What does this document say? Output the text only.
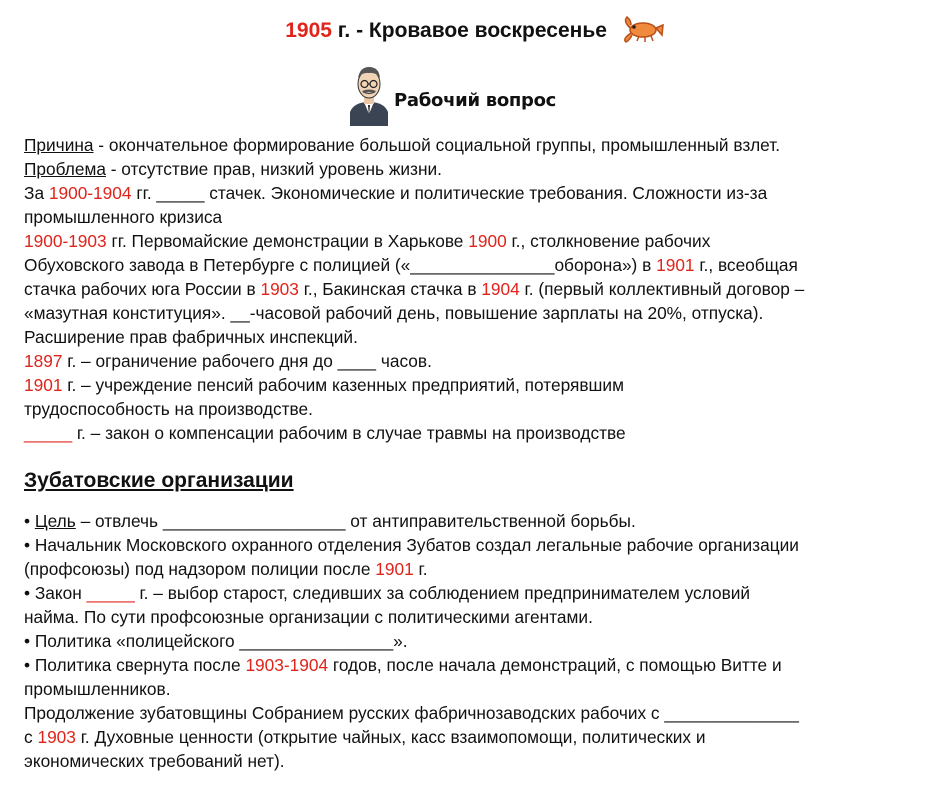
1905 г. - Кровавое воскресенье
Рабочий вопрос

Причина - окончательное формирование большой социальной группы, промышленный взлет.

Проблема - отсутствие прав, низкий уровень жизни.

За 1900-1904 гг. _____ стачек. Экономические и политические требования. Сложности из-за

промышленного кризиса

1900-1903 гг. Первомайские демонстрации в Харькове 1900 г., столкновение рабочих

Обуховского завода в Петербурге с полицией («_______________оборона») в 1901 г., всеобщая

стачка рабочих юга России в 1903 г., Бакинская стачка в 1904 г. (первый коллективный договор –

«мазутная конституция». __-часовой рабочий день, повышение зарплаты на 20%, отпуска).

Расширение прав фабричных инспекций.

1897 г. – ограничение рабочего дня до ____ часов.

1901 г. – учреждение пенсий рабочим казенных предприятий, потерявшим

трудоспособность на производстве.

_____ г. – закон о компенсации рабочим в случае травмы на производстве

Зубатовские организации

• Цель – отвлечь ___________________ от антиправительственной борьбы.

• Начальник Московского охранного отделения Зубатов создал легальные рабочие организации

(профсоюзы) под надзором полиции после 1901 г.

• Закон _____ г. – выбор старост, следивших за соблюдением предпринимателем условий

найма. По сути профсоюзные организации с политическими агентами.

• Политика «полицейского ________________».

• Политика свернута после 1903-1904 годов, после начала демонстраций, с помощью Витте и

промышленников.

Продолжение зубатовщины Собранием русских фабричнозаводских рабочих с ______________

с 1903 г. Духовные ценности (открытие чайных, касс взаимопомощи, политических и

экономических требований нет).
